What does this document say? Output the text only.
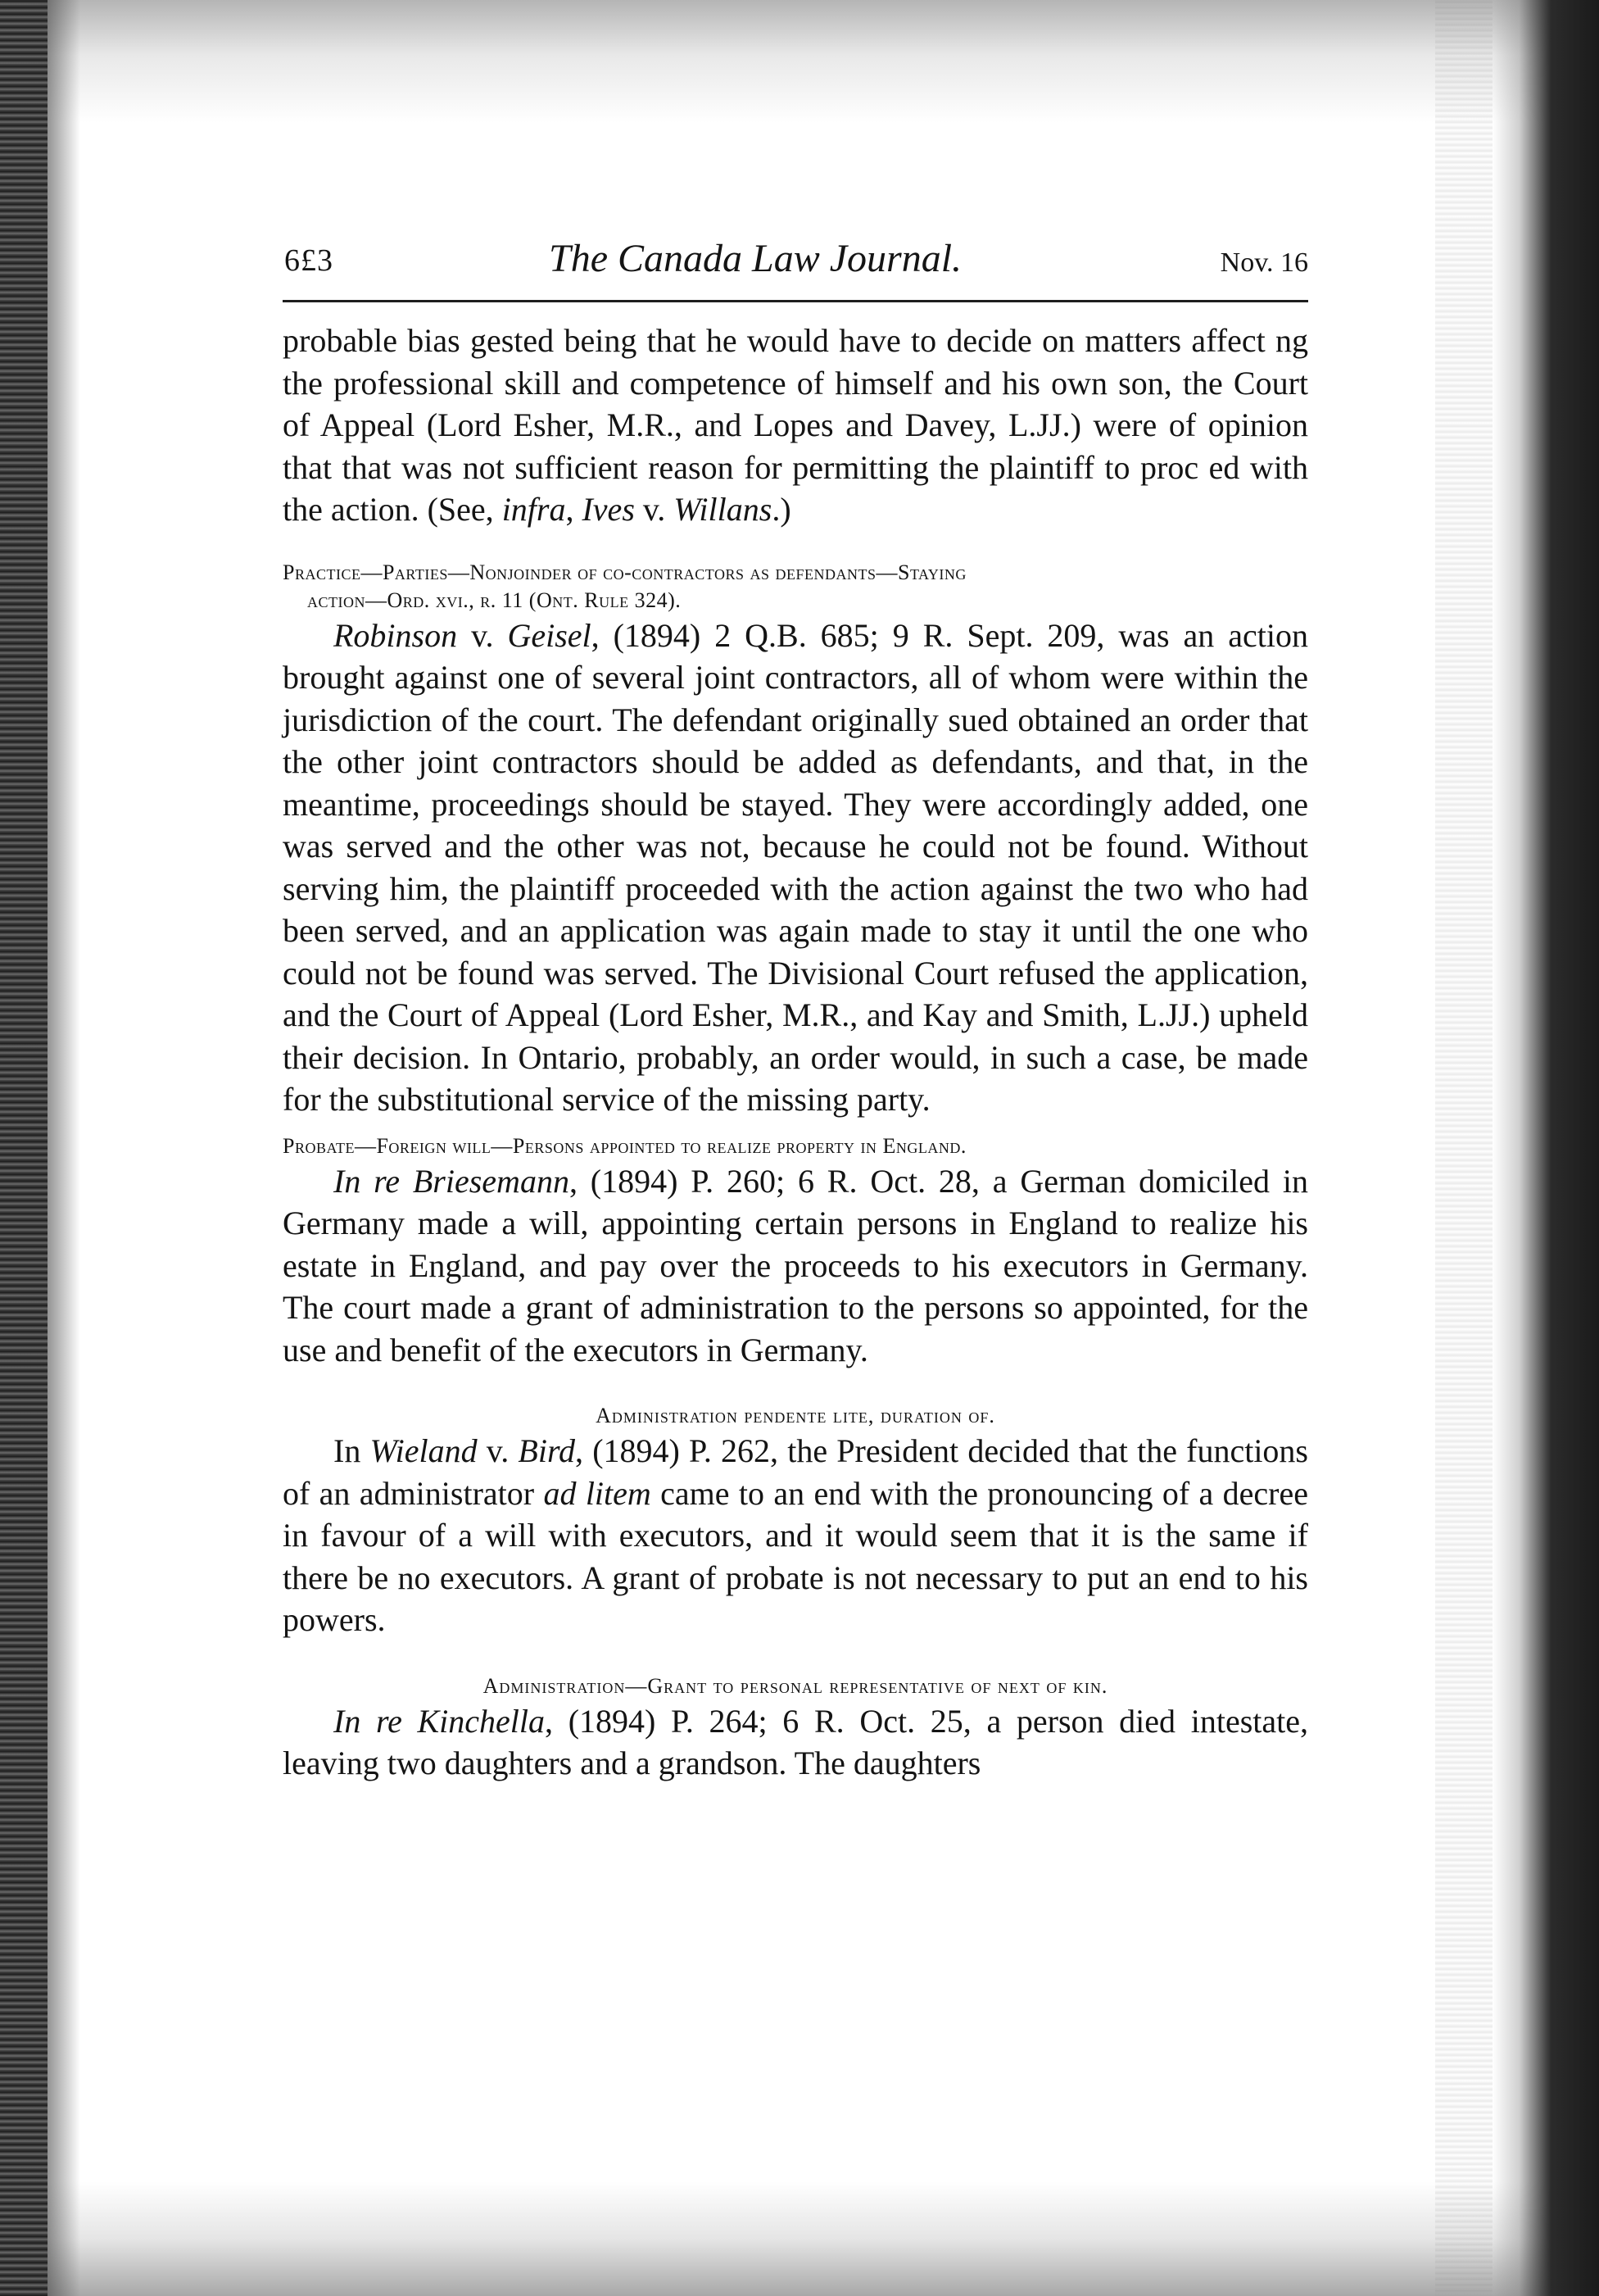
6£3	The Canada Law Journal.	Nov. 16

probable bias gested being that he would have to decide on matters affect ng the professional skill and competence of himself and his own son, the Court of Appeal (Lord Esher, M.R., and Lopes and Davey, L.JJ.) were of opinion that that was not sufficient reason for permitting the plaintiff to proc ed with the action. (See, infra, Ives v. Willans.)

Practice—Parties—Nonjoinder of co-contractors as defendants—Staying
action—Ord. xvi., r. 11 (Ont. Rule 324).

Robinson v. Geisel, (1894) 2 Q.B. 685; 9 R. Sept. 209, was an action brought against one of several joint contractors, all of whom were within the jurisdiction of the court. The defendant originally sued obtained an order that the other joint contractors should be added as defendants, and that, in the meantime, proceedings should be stayed. They were accordingly added, one was served and the other was not, because he could not be found. Without serving him, the plaintiff proceeded with the action against the two who had been served, and an application was again made to stay it until the one who could not be found was served. The Divisional Court refused the application, and the Court of Appeal (Lord Esher, M.R., and Kay and Smith, L.JJ.) upheld their decision. In Ontario, probably, an order would, in such a case, be made for the substitutional service of the missing party.

Probate—Foreign will—Persons appointed to realize property in England.

In re Briesemann, (1894) P. 260; 6 R. Oct. 28, a German domiciled in Germany made a will, appointing certain persons in England to realize his estate in England, and pay over the proceeds to his executors in Germany. The court made a grant of administration to the persons so appointed, for the use and benefit of the executors in Germany.

Administration pendente lite, duration of.

In Wieland v. Bird, (1894) P. 262, the President decided that the functions of an administrator ad litem came to an end with the pronouncing of a decree in favour of a will with executors, and it would seem that it is the same if there be no executors. A grant of probate is not necessary to put an end to his powers.

Administration—Grant to personal representative of next of kin.

In re Kinchella, (1894) P. 264; 6 R. Oct. 25, a person died intestate, leaving two daughters and a grandson. The daughters
